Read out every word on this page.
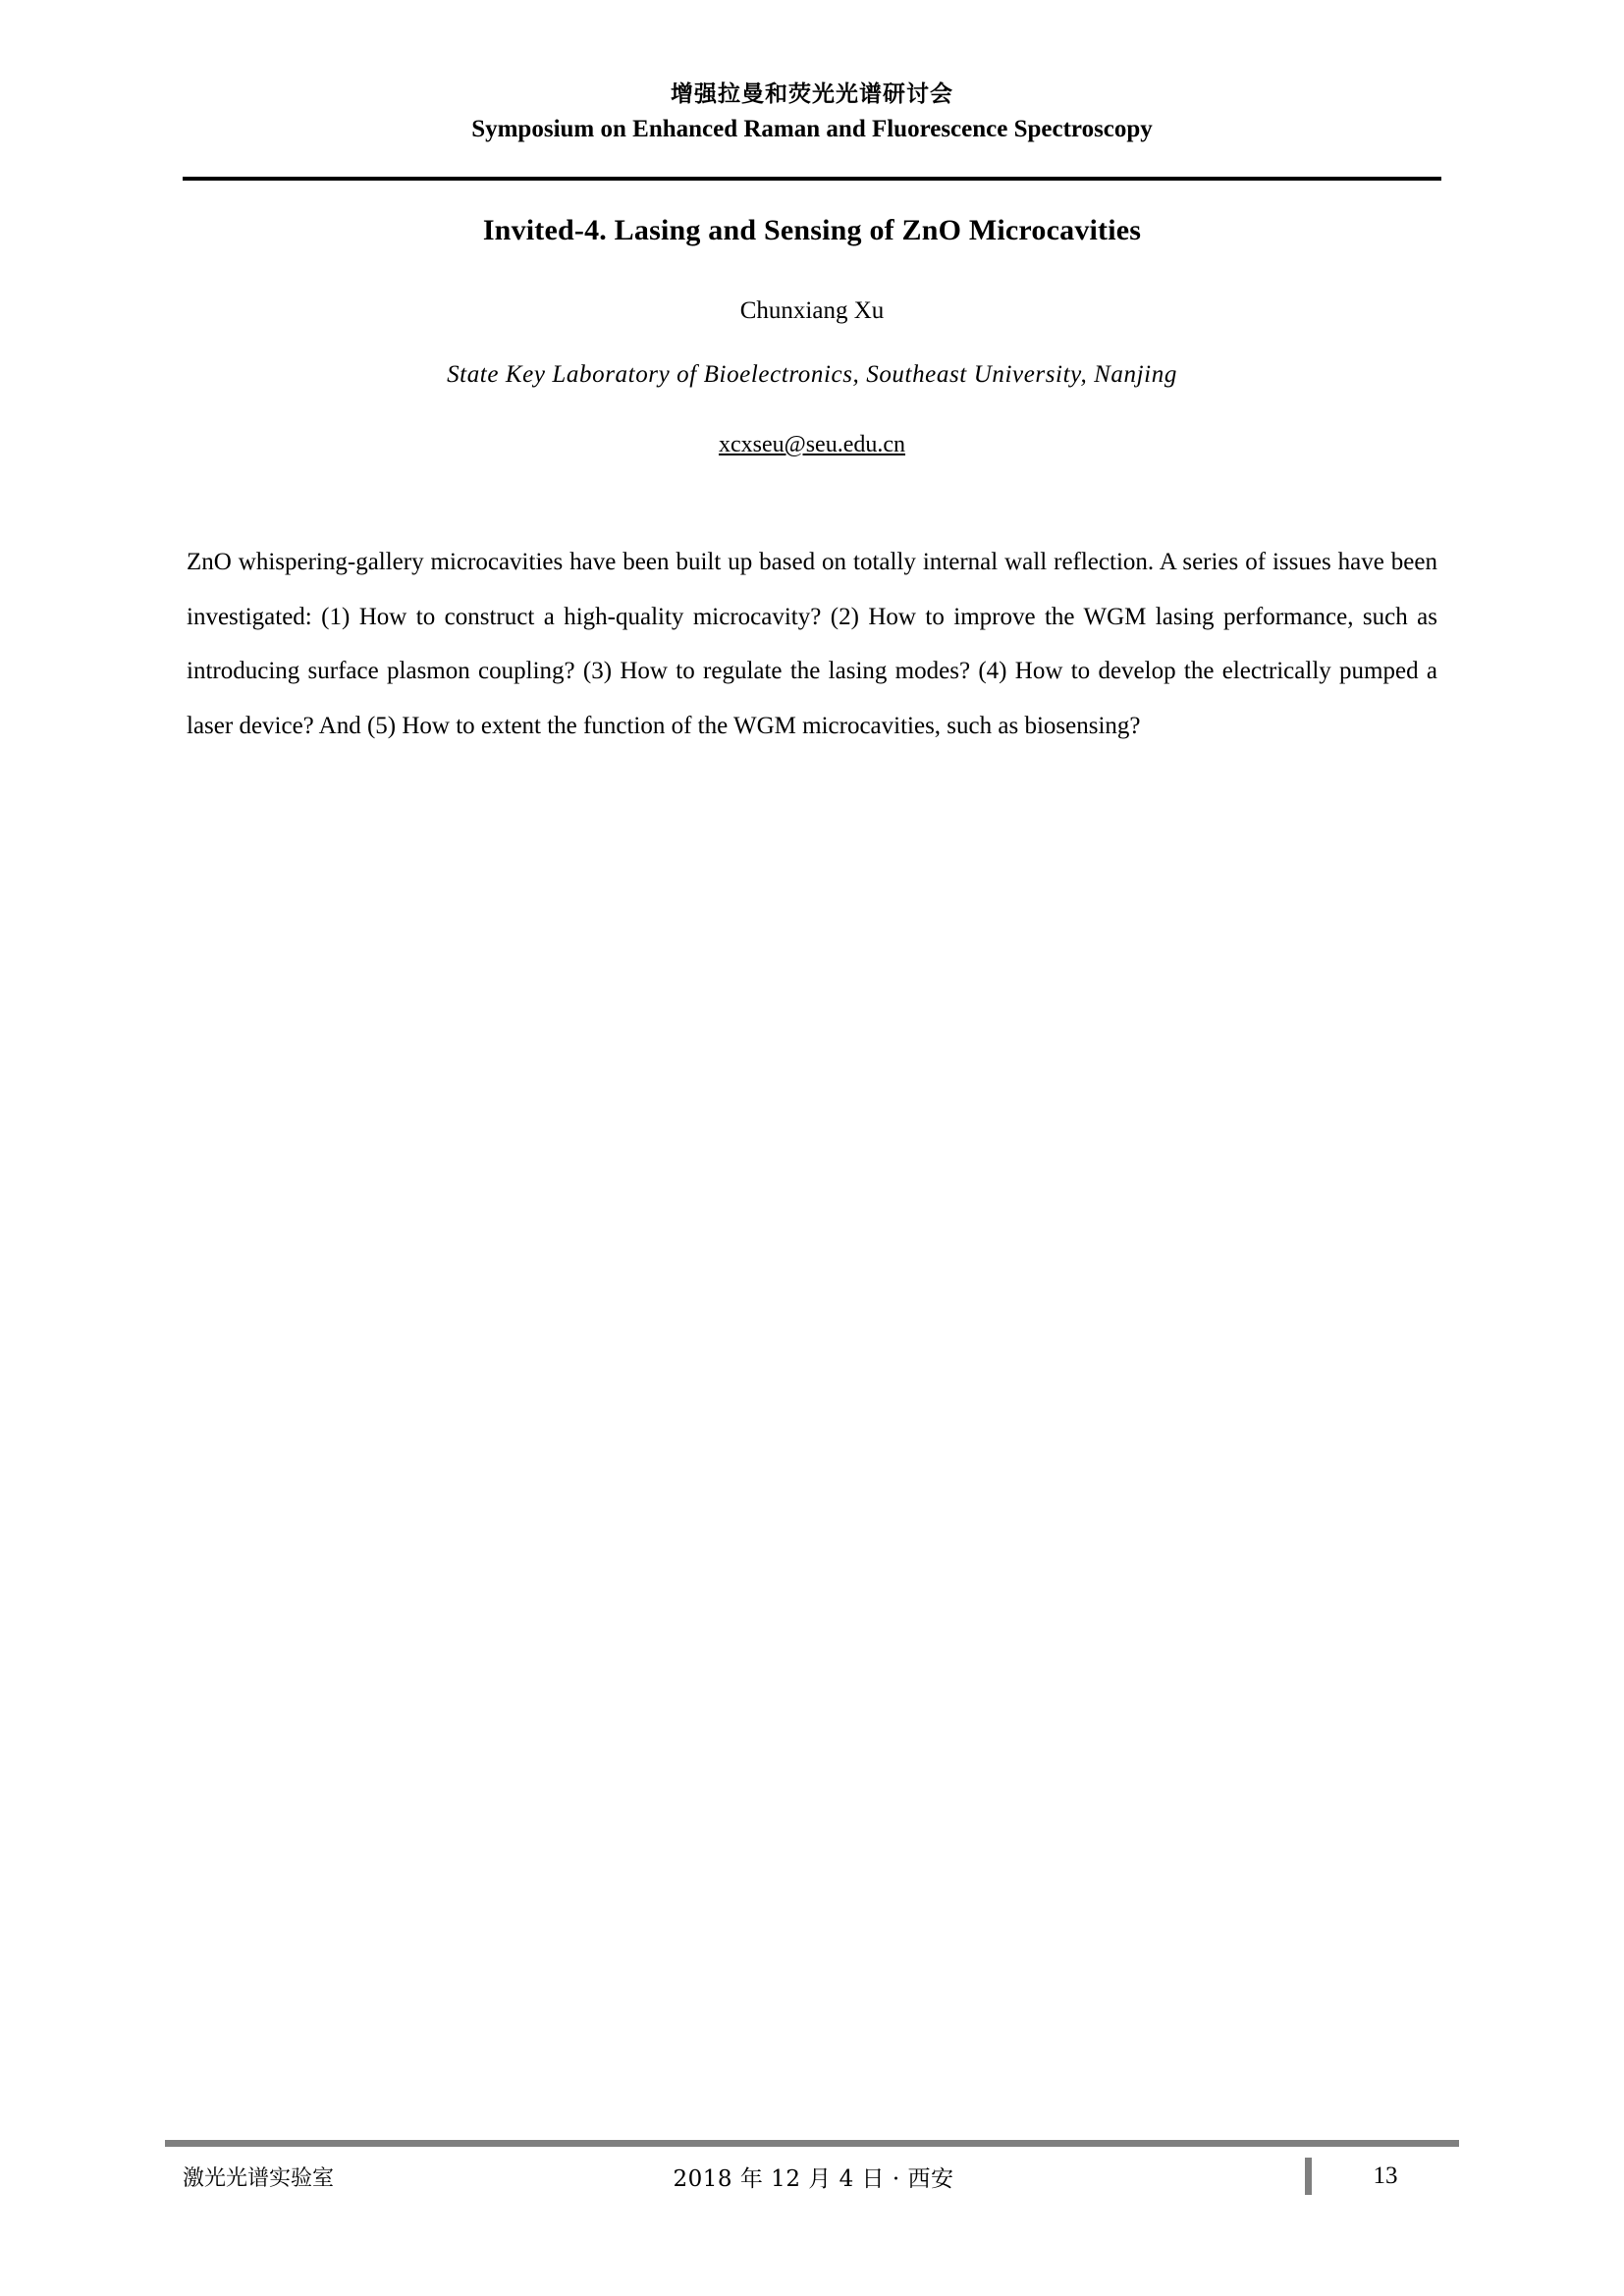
增强拉曼和荧光光谱研讨会
Symposium on Enhanced Raman and Fluorescence Spectroscopy
Invited-4. Lasing and Sensing of ZnO Microcavities
Chunxiang Xu
State Key Laboratory of Bioelectronics, Southeast University, Nanjing
xcxseu@seu.edu.cn
ZnO whispering-gallery microcavities have been built up based on totally internal wall reflection. A series of issues have been investigated: (1) How to construct a high-quality microcavity? (2) How to improve the WGM lasing performance, such as introducing surface plasmon coupling? (3) How to regulate the lasing modes? (4) How to develop the electrically pumped a laser device? And (5) How to extent the function of the WGM microcavities, such as biosensing?
激光光谱实验室	2018 年 12 月 4 日 · 西安	13
